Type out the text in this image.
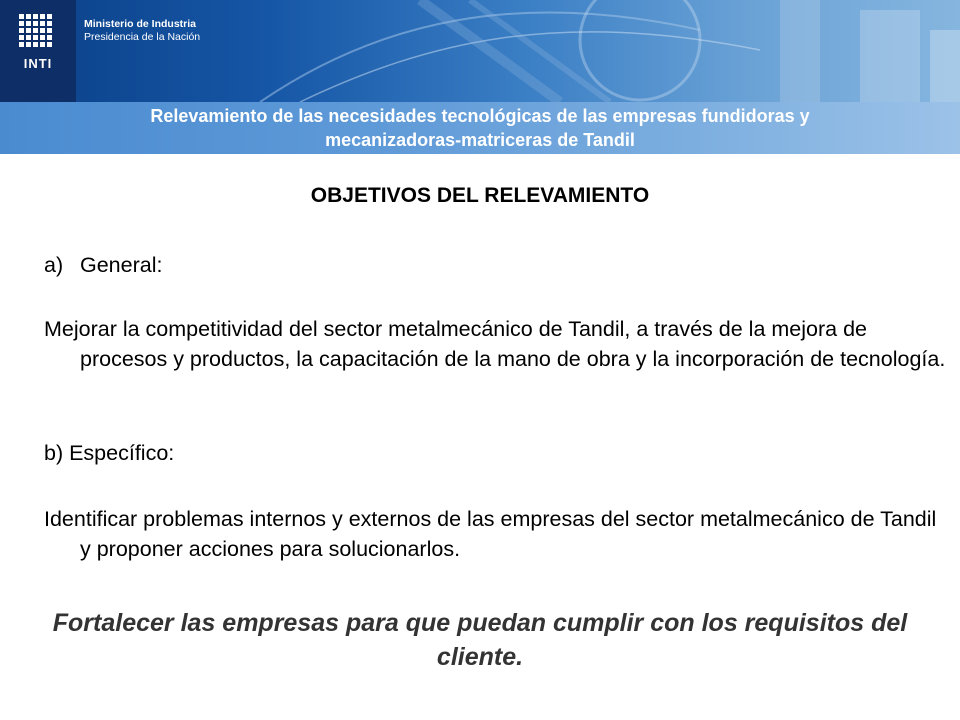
INTI
Ministerio de Industria
Presidencia de la Nación
Relevamiento de las necesidades tecnológicas de las empresas fundidoras y
mecanizadoras-matriceras de Tandil
OBJETIVOS DEL RELEVAMIENTO
a) General:
Mejorar la competitividad del sector metalmecánico de Tandil, a través de la mejora de procesos y productos, la capacitación de la mano de obra y la incorporación de tecnología.
b) Específico:
Identificar problemas internos y externos de las empresas del sector metalmecánico de Tandil y proponer acciones para solucionarlos.
Fortalecer las empresas para que puedan cumplir con los requisitos del cliente.
